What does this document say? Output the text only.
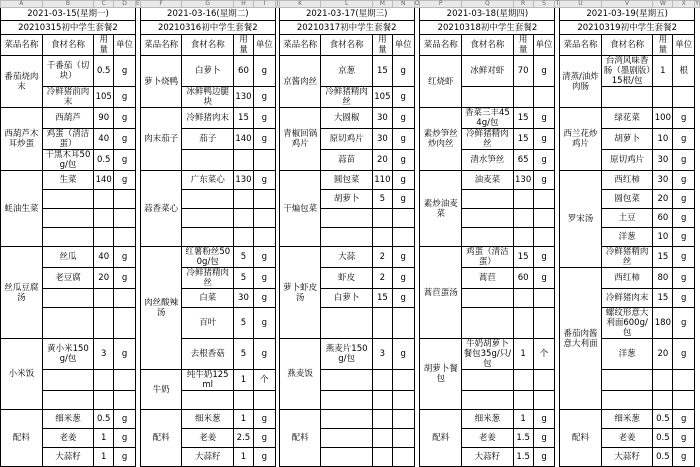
A	B	C	D	E	F	G	H	I	J	K	L	M	N	O	P	Q	R	S	T	U	V	W	X	Y
2021-03-15(星期一)					2021-03-16(星期二)					2021-03-17(星期三)					2021-03-18(星期四)					2021-03-19(星期五)				
20210315初中学生套餐2					20210316初中学生套餐2					20210317初中学生套餐2					20210318初中学生套餐2					20210319初中学生套餐2				
菜品名称	食材名称	用量	单位		菜品名称	食材名称	用量	单位		菜品名称	食材名称	用量	单位		菜品名称	食材名称	用量	单位		菜品名称	食材名称	用量	单位	
番茄烧肉末	千番茄（切块）	0.5	g		萝卜烧鸭	白萝卜	60	g		京酱肉丝	京葱	15	g		红烧虾	冰鲜对虾	70	g		清蒸/油炸肉肠	台湾风味香肠（墨剧版）15根/包	1	根	
	冷鲜猪前肉末	105	g			冰鲜鸭边腿块	130	g			冷鲜猪精肉丝	105	g											
西葫芦木耳炒蛋	西葫芦	90	g		肉末茄子	冷鲜猪肉末	15	g		青椒回锅鸡片	大圆椒	30	g		素炒笋丝炒肉丝	香菜三丰454g/包	15	g		西兰花炒鸡片	绿花菜	100	g	
	鸡蛋（清洁蛋）	40	g			茄子	140	g			原切鸡片	30	g			冷鲜猪精肉丝	15	g			胡萝卜	10	g	
	干黑木耳50g/包	0.5	g								蒜苗	20	g			清水笋丝	65	g			原切鸡片	30	g	
蚝油生菜	生菜	140	g		蒜香菜心	广东菜心	130	g		干煸包菜	圆包菜	110	g		素炒油麦菜	油麦菜	130	g		罗宋汤	西红柿	30	g	
											胡萝卜	5	g								圆包菜	20	g	
																					土豆	60	g	
																					洋葱	10	g	
丝瓜豆腐汤	丝瓜	40	g		肉丝酸辣汤	红薯粉丝500g/包	5	g		萝卜虾皮汤	大蒜	2	g		蒿苣蛋汤	鸡蛋（清洁蛋）	15	g			冷鲜猪精肉丝	15	g	
	老豆腐	20	g			冷鲜猪精肉丝	5	g			虾皮	2	g			蒿苣	60	g		番茄肉酱意大利面	西红柿	80	g	
						白菜	30	g			白萝卜	15	g								冷鲜猪肉末	15	g	
						百叶	5	g													螺纹形意大利面600g/包	180	g	
小米饭	黄小米150g/包	3	g			去根香菇	5	g		燕麦饭	燕麦片150g/包	3	g		胡萝卜餐包	牛奶胡萝卜餐包35g/只/包	1	个			洋葱	20	g	
					牛奶	纯牛奶125ml	1	个																

配料	细米葱	0.5	g		配料	细米葱	1	g		配料					配料	细米葱	1	g		配料	细米葱	0.5	g	
	老姜	1	g			老姜	2.5	g								老姜	1.5	g			老姜	0.5	g	
	大蒜籽	1	g			大蒜籽	1	g								大蒜籽	1.5	g			大蒜籽	0.5	g	
